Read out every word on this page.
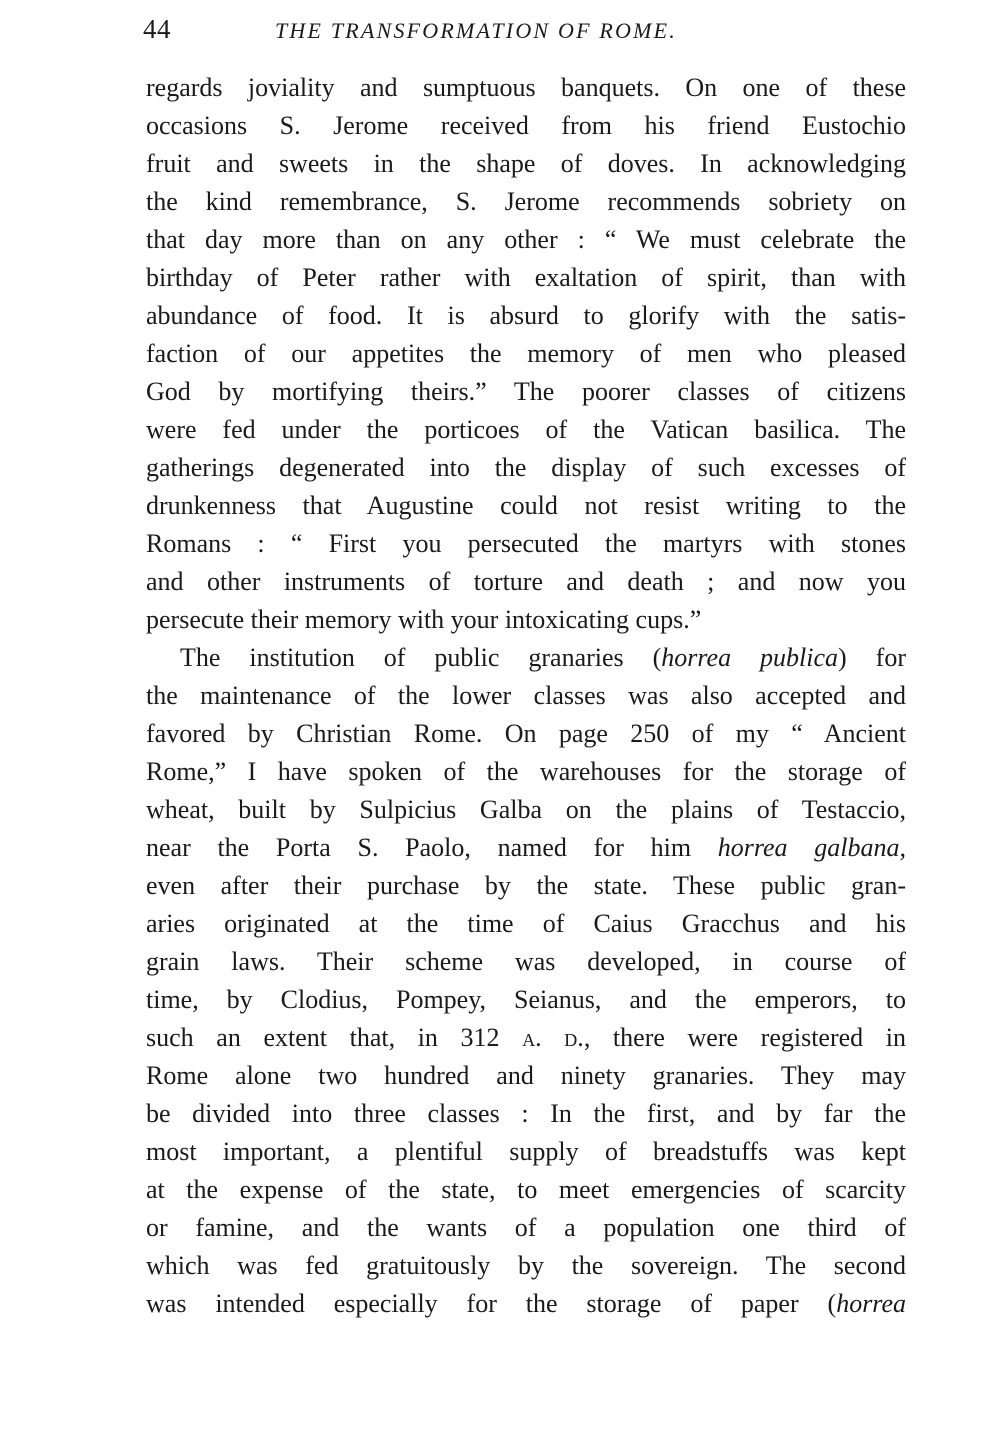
44	THE TRANSFORMATION OF ROME.
regards joviality and sumptuous banquets. On one of these
occasions S. Jerome received from his friend Eustochio
fruit and sweets in the shape of doves. In acknowledging
the kind remembrance, S. Jerome recommends sobriety on
that day more than on any other : “ We must celebrate the
birthday of Peter rather with exaltation of spirit, than with
abundance of food. It is absurd to glorify with the satis-
faction of our appetites the memory of men who pleased
God by mortifying theirs.” The poorer classes of citizens
were fed under the porticoes of the Vatican basilica. The
gatherings degenerated into the display of such excesses of
drunkenness that Augustine could not resist writing to the
Romans : “ First you persecuted the martyrs with stones
and other instruments of torture and death ; and now you
persecute their memory with your intoxicating cups.”
The institution of public granaries (horrea publica) for
the maintenance of the lower classes was also accepted and
favored by Christian Rome. On page 250 of my “ Ancient
Rome,” I have spoken of the warehouses for the storage of
wheat, built by Sulpicius Galba on the plains of Testaccio,
near the Porta S. Paolo, named for him horrea galbana,
even after their purchase by the state. These public gran-
aries originated at the time of Caius Gracchus and his
grain laws. Their scheme was developed, in course of
time, by Clodius, Pompey, Seianus, and the emperors, to
such an extent that, in 312 a. d., there were registered in
Rome alone two hundred and ninety granaries. They may
be divided into three classes : In the first, and by far the
most important, a plentiful supply of breadstuffs was kept
at the expense of the state, to meet emergencies of scarcity
or famine, and the wants of a population one third of
which was fed gratuitously by the sovereign. The second
was intended especially for the storage of paper (horrea
